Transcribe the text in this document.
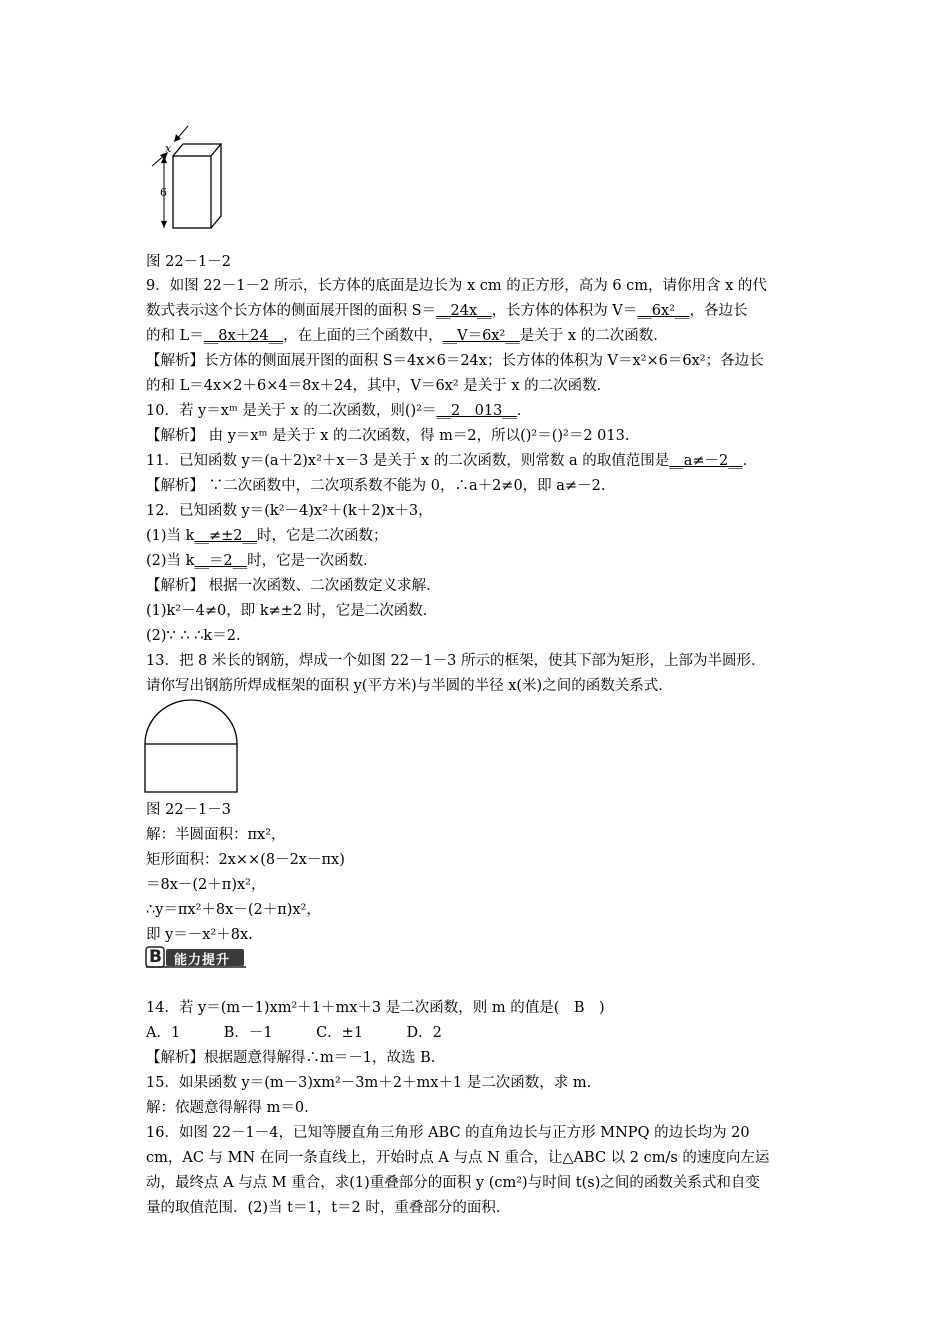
x
6
图 22－1－2
9．如图 22－1－2 所示，长方体的底面是边长为 x cm 的正方形，高为 6 cm，请你用含 x 的代
数式表示这个长方体的侧面展开图的面积 S＝__24x__，长方体的体积为 V＝__6x²__，各边长
的和 L＝__8x＋24__，在上面的三个函数中，__V＝6x²__是关于 x 的二次函数．
【解析】长方体的侧面展开图的面积 S＝4x×6＝24x；长方体的体积为 V＝x²×6＝6x²；各边长
的和 L＝4x×2＋6×4＝8x＋24，其中，V＝6x² 是关于 x 的二次函数．
10．若 y＝xᵐ 是关于 x 的二次函数，则()²＝__2　013__．
【解析】 由 y＝xᵐ 是关于 x 的二次函数，得 m＝2，所以()²＝()²＝2 013.
11．已知函数 y＝(a＋2)x²＋x－3 是关于 x 的二次函数，则常数 a 的取值范围是__a≠－2__．
【解析】 ∵二次函数中，二次项系数不能为 0，∴a＋2≠0，即 a≠－2.
12．已知函数 y＝(k²－4)x²＋(k＋2)x＋3，
(1)当 k__≠±2__时，它是二次函数；
(2)当 k__＝2__时，它是一次函数．
【解析】 根据一次函数、二次函数定义求解．
(1)k²－4≠0，即 k≠±2 时，它是二次函数．
(2)∵ ∴ ∴k＝2.
13．把 8 米长的钢筋，焊成一个如图 22－1－3 所示的框架，使其下部为矩形，上部为半圆形．
请你写出钢筋所焊成框架的面积 y(平方米)与半圆的半径 x(米)之间的函数关系式．
图 22－1－3
解：半圆面积：πx²，
矩形面积：2x××(8－2x－πx)
＝8x－(2＋π)x²，
∴y＝πx²＋8x－(2＋π)x²，
即 y＝－x²＋8x.
B 能力提升
14．若 y＝(m－1)xm²＋1＋mx＋3 是二次函数，则 m 的值是(　B　)
A．1　　　B．－1　　　C．±1　　　D．2
【解析】根据题意得解得∴m＝－1，故选 B.
15．如果函数 y＝(m－3)xm²－3m＋2＋mx＋1 是二次函数，求 m.
解：依题意得解得 m＝0.
16．如图 22－1－4，已知等腰直角三角形 ABC 的直角边长与正方形 MNPQ 的边长均为 20
cm，AC 与 MN 在同一条直线上，开始时点 A 与点 N 重合，让△ABC 以 2 cm/s 的速度向左运
动，最终点 A 与点 M 重合，求(1)重叠部分的面积 y (cm²)与时间 t(s)之间的函数关系式和自变
量的取值范围．(2)当 t＝1，t＝2 时，重叠部分的面积．
